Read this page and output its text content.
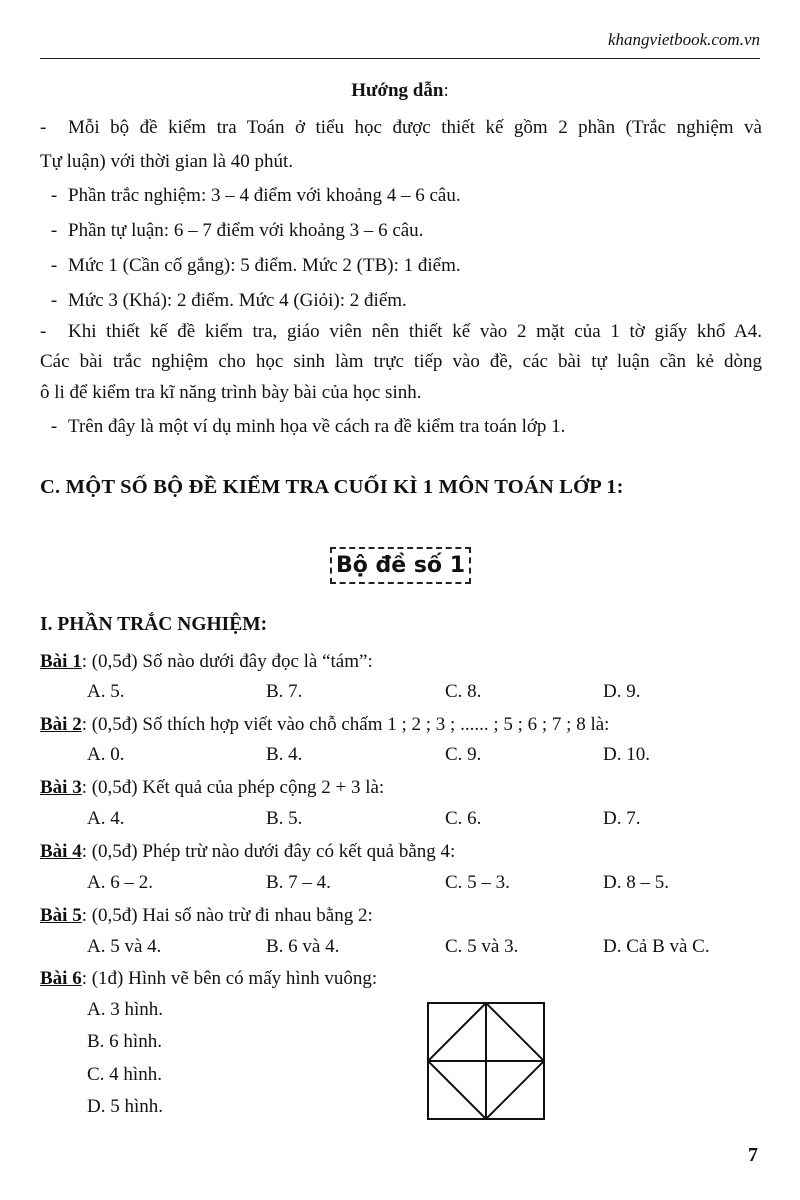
khangvietbook.com.vn
Hướng dẫn:

- Mỗi bộ đề kiểm tra Toán ở tiểu học được thiết kế gồm 2 phần (Trắc nghiệm và

Tự luận) với thời gian là 40 phút.

- Phần trắc nghiệm: 3 – 4 điểm với khoảng 4 – 6 câu.

- Phần tự luận: 6 – 7 điểm với khoảng 3 – 6 câu.

- Mức 1 (Cần cố gắng): 5 điểm. Mức 2 (TB): 1 điểm.

- Mức 3 (Khá): 2 điểm. Mức 4 (Giỏi): 2 điểm.

- Khi thiết kế đề kiểm tra, giáo viên nên thiết kế vào 2 mặt của 1 tờ giấy khổ A4.

Các bài trắc nghiệm cho học sinh làm trực tiếp vào đề, các bài tự luận cần kẻ dòng

ô li để kiểm tra kĩ năng trình bày bài của học sinh.

- Trên đây là một ví dụ minh họa về cách ra đề kiểm tra toán lớp 1.

C. MỘT SỐ BỘ ĐỀ KIỂM TRA CUỐI KÌ 1 MÔN TOÁN LỚP 1:
Bộ đề số 1
I. PHẦN TRẮC NGHIỆM:
Bài 1: (0,5đ) Số nào dưới đây đọc là “tám”:
A. 5.	B. 7.	C. 8.	D. 9.
Bài 2: (0,5đ) Số thích hợp viết vào chỗ chấm 1 ; 2 ; 3 ; ...... ; 5 ; 6 ; 7 ; 8 là:
A. 0.	B. 4.	C. 9.	D. 10.
Bài 3: (0,5đ) Kết quả của phép cộng 2 + 3 là:
A. 4.	B. 5.	C. 6.	D. 7.
Bài 4: (0,5đ) Phép trừ nào dưới đây có kết quả bằng 4:
A. 6 – 2.	B. 7 – 4.	C. 5 – 3.	D. 8 – 5.
Bài 5: (0,5đ) Hai số nào trừ đi nhau bằng 2:
A. 5 và 4.	B. 6 và 4.	C. 5 và 3.	D. Cả B và C.
Bài 6: (1đ) Hình vẽ bên có mấy hình vuông:
A. 3 hình.
B. 6 hình.
C. 4 hình.
D. 5 hình.
7
